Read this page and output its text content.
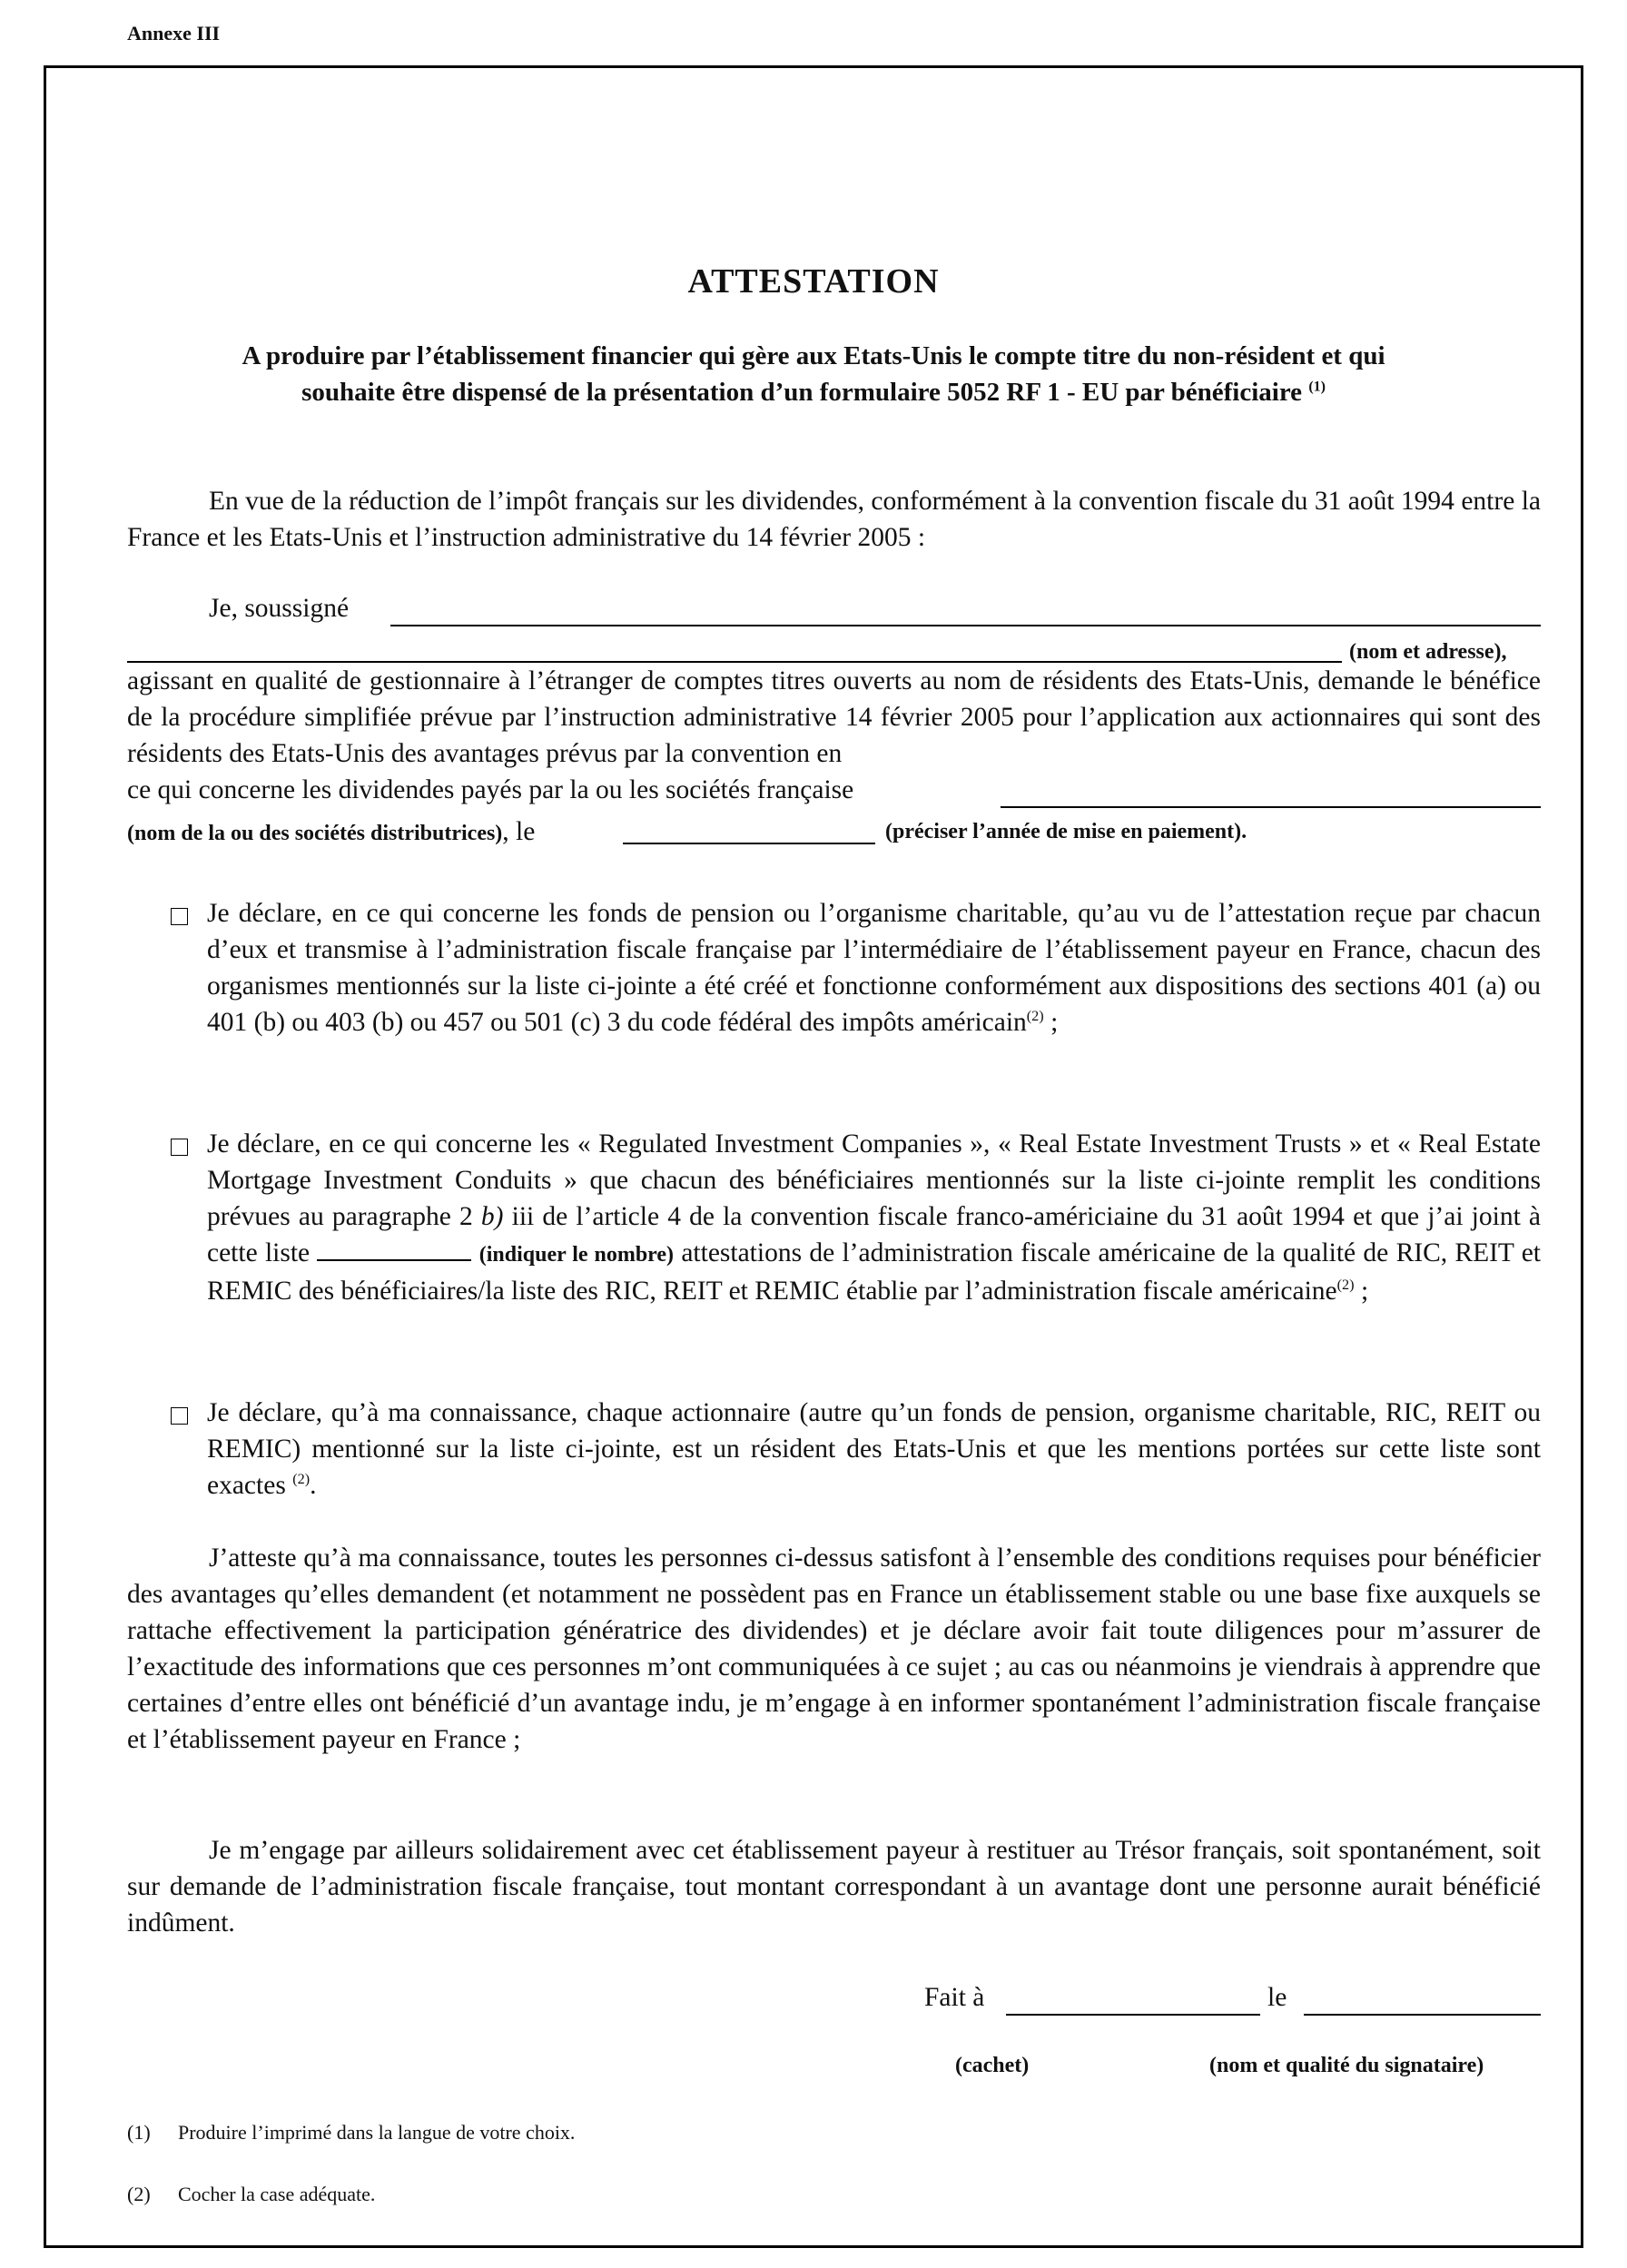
Annexe III
ATTESTATION
A produire par l’établissement financier qui gère aux Etats-Unis le compte titre du non-résident et qui
souhaite être dispensé de la présentation d’un formulaire 5052 RF 1 - EU par bénéficiaire $^{(1)}$
En vue de la réduction de l’impôt français sur les dividendes, conformément à la convention fiscale du 31 août 1994 entre la France et les Etats-Unis et l’instruction administrative du 14 février 2005 :
Je, soussigné
(nom et adresse),
agissant en qualité de gestionnaire à l’étranger de comptes titres ouverts au nom de résidents des Etats-Unis, demande le bénéfice de la procédure simplifiée prévue par l’instruction administrative 14 février 2005 pour l’application aux actionnaires qui sont des résidents des Etats-Unis des avantages prévus par la convention en
ce qui concerne les dividendes payés par la ou les sociétés française
(nom de la ou des sociétés distributrices), le	(préciser l’année de mise en paiement).
Je déclare, en ce qui concerne les fonds de pension ou l’organisme charitable, qu’au vu de l’attestation reçue par chacun d’eux et transmise à l’administration fiscale française par l’intermédiaire de l’établissement payeur en France, chacun des organismes mentionnés sur la liste ci-jointe a été créé et fonctionne conformément aux dispositions des sections 401 (a) ou 401 (b) ou 403 (b) ou 457 ou 501 (c) 3 du code fédéral des impôts américain$^{(2)}$ ;
Je déclare, en ce qui concerne les « Regulated Investment Companies », « Real Estate Investment Trusts » et « Real Estate Mortgage Investment Conduits » que chacun des bénéficiaires mentionnés sur la liste ci-jointe remplit les conditions prévues au paragraphe 2 b) iii de l’article 4 de la convention fiscale franco-américiaine du 31 août 1994 et que j’ai joint à cette liste	(indiquer le nombre) attestations de l’administration fiscale américaine de la qualité de RIC, REIT et REMIC des bénéficiaires/la liste des RIC, REIT et REMIC établie par l’administration fiscale américaine$^{(2)}$ ;
Je déclare, qu’à ma connaissance, chaque actionnaire (autre qu’un fonds de pension, organisme charitable, RIC, REIT ou REMIC) mentionné sur la liste ci-jointe, est un résident des Etats-Unis et que les mentions portées sur cette liste sont exactes $^{(2)}$.
J’atteste qu’à ma connaissance, toutes les personnes ci-dessus satisfont à l’ensemble des conditions requises pour bénéficier des avantages qu’elles demandent (et notamment ne possèdent pas en France un établissement stable ou une base fixe auxquels se rattache effectivement la participation génératrice des dividendes) et je déclare avoir fait toute diligences pour m’assurer de l’exactitude des informations que ces personnes m’ont communiquées à ce sujet ; au cas ou néanmoins je viendrais à apprendre que certaines d’entre elles ont bénéficié d’un avantage indu, je m’engage à en informer spontanément l’administration fiscale française et l’établissement payeur en France ;
Je m’engage par ailleurs solidairement avec cet établissement payeur à restituer au Trésor français, soit spontanément, soit sur demande de l’administration fiscale française, tout montant correspondant à un avantage dont une personne aurait bénéficié indûment.
Fait à	le
(cachet)	(nom et qualité du signataire)
(1) Produire l’imprimé dans la langue de votre choix.
(2) Cocher la case adéquate.
